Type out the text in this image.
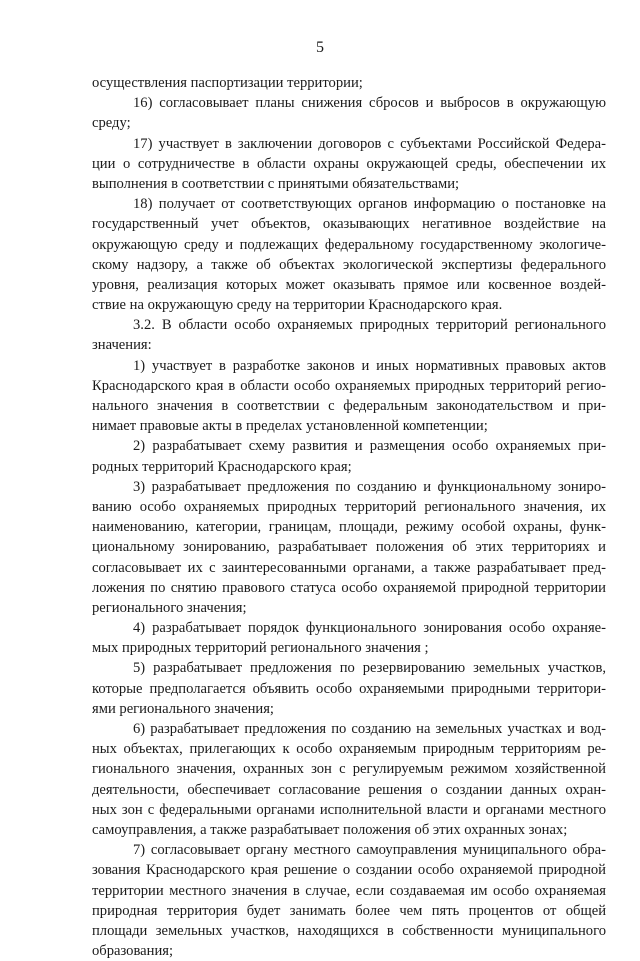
5
осуществления паспортизации территории;
16) согласовывает планы снижения сбросов и выбросов в окружающую
среду;
17) участвует в заключении договоров с субъектами Российской Федера-
ции о сотрудничестве в области охраны окружающей среды, обеспечении их
выполнения в соответствии с принятыми обязательствами;
18) получает от соответствующих органов информацию о постановке на
государственный учет объектов, оказывающих негативное воздействие на
окружающую среду и подлежащих федеральному государственному экологиче-
скому надзору, а также об объектах экологической экспертизы федерального
уровня, реализация которых может оказывать прямое или косвенное воздей-
ствие на окружающую среду на территории Краснодарского края.
3.2. В области особо охраняемых природных территорий регионального
значения:
1) участвует в разработке законов и иных нормативных правовых актов
Краснодарского края в области особо охраняемых природных территорий регио-
нального значения в соответствии с федеральным законодательством и при-
нимает правовые акты в пределах установленной компетенции;
2) разрабатывает схему развития и размещения особо охраняемых при-
родных территорий Краснодарского края;
3) разрабатывает предложения по созданию и функциональному зониро-
ванию особо охраняемых природных территорий регионального значения, их
наименованию, категории, границам, площади, режиму особой охраны, функ-
циональному зонированию, разрабатывает положения об этих территориях и
согласовывает их с заинтересованными органами, а также разрабатывает пред-
ложения по снятию правового статуса особо охраняемой природной территории
регионального значения;
4) разрабатывает порядок функционального зонирования особо охраняе-
мых природных территорий регионального значения ;
5) разрабатывает предложения по резервированию земельных участков,
которые предполагается объявить особо охраняемыми природными территори-
ями регионального значения;
6) разрабатывает предложения по созданию на земельных участках и вод-
ных объектах, прилегающих к особо охраняемым природным территориям ре-
гионального значения, охранных зон с регулируемым режимом хозяйственной
деятельности, обеспечивает согласование решения о создании данных охран-
ных зон с федеральными органами исполнительной власти и органами местного
самоуправления, а также разрабатывает положения об этих охранных зонах;
7) согласовывает органу местного самоуправления муниципального обра-
зования Краснодарского края решение о создании особо охраняемой природной
территории местного значения в случае, если создаваемая им особо охраняемая
природная территория будет занимать более чем пять процентов от общей
площади земельных участков, находящихся в собственности муниципального
образования;
